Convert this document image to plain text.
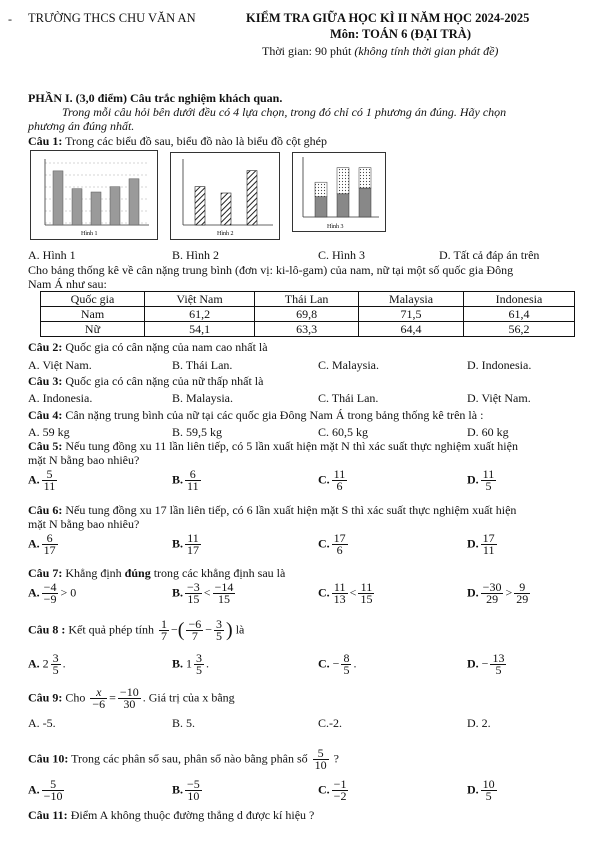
- TRƯỜNG THCS CHU VĂN AN	KIỂM TRA GIỮA HỌC KÌ II NĂM HỌC 2024-2025
Môn: TOÁN 6 (ĐẠI TRÀ)
Thời gian: 90 phút (không tính thời gian phát đề)
PHẦN I. (3,0 điểm) Câu trắc nghiệm khách quan.
Trong mỗi câu hỏi bên dưới đều có 4 lựa chọn, trong đó chỉ có 1 phương án đúng. Hãy chọn
phương án đúng nhất.
Câu 1: Trong các biểu đồ sau, biểu đồ nào là biểu đồ cột ghép
Hình 1	Hình 2
Hình 3
A. Hình 1	B. Hình 2	C. Hình 3	D. Tất cả đáp án trên
Cho bảng thống kê về cân nặng trung bình (đơn vị: ki-lô-gam) của nam, nữ tại một số quốc gia Đông
Nam Á như sau:
Quốc gia	Việt Nam	Thái Lan	Malaysia	Indonesia
Nam	61,2	69,8	71,5	61,4
Nữ	54,1	63,3	64,4	56,2
Câu 2: Quốc gia có cân nặng của nam cao nhất là
A. Việt Nam.	B. Thái Lan.	C. Malaysia.	D. Indonesia.
Câu 3: Quốc gia có cân nặng của nữ thấp nhất là
A. Indonesia.	B. Malaysia.	C. Thái Lan.	D. Việt Nam.
Câu 4: Cân nặng trung bình của nữ tại các quốc gia Đông Nam Á trong bảng thống kê trên là :
A. 59 kg	B. 59,5 kg	C. 60,5 kg	D. 60 kg
Câu 5: Nếu tung đồng xu 11 lần liên tiếp, có 5 lần xuất hiện mặt N thì xác suất thực nghiệm xuất hiện
mặt N bằng bao nhiêu?
A. $\frac{5}{11}$	B. $\frac{6}{11}$	C. $\frac{11}{6}$	D. $\frac{11}{5}$
Câu 6: Nếu tung đồng xu 17 lần liên tiếp, có 6 lần xuất hiện mặt S thì xác suất thực nghiệm xuất hiện
mặt N bằng bao nhiêu?
A. $\frac{6}{17}$	B. $\frac{11}{17}$	C. $\frac{17}{6}$	D. $\frac{17}{11}$
Câu 7: Khẳng định đúng trong các khẳng định sau là
A. $\frac{-4}{-9} > 0$	B. $\frac{-3}{15} < \frac{-14}{15}$	C. $\frac{11}{13} < \frac{11}{15}$	D. $\frac{-30}{29} > \frac{9}{29}$
Câu 8 : Kết quả phép tính $\frac{1}{7}$ −( $\frac{-6}{7} - \frac{3}{5}$ ) là
A. $2 \frac{3}{5}$ .	B. $1 \frac{3}{5}$ .	C. − $\frac{8}{5}$ .	D. − $\frac{13}{5}$
Câu 9: Cho $\frac{x}{-6} = \frac{-10}{30}$ . Giá trị của x bằng
A. -5.	B. 5.	C.-2.	D. 2.
Câu 10: Trong các phân số sau, phân số nào bằng phân số $\frac{5}{10}$ ?
A. $\frac{5}{-10}$	B. $\frac{-5}{10}$	C. $\frac{-1}{-2}$	D. $\frac{10}{5}$
Câu 11: Điểm A không thuộc đường thẳng d được kí hiệu ?
